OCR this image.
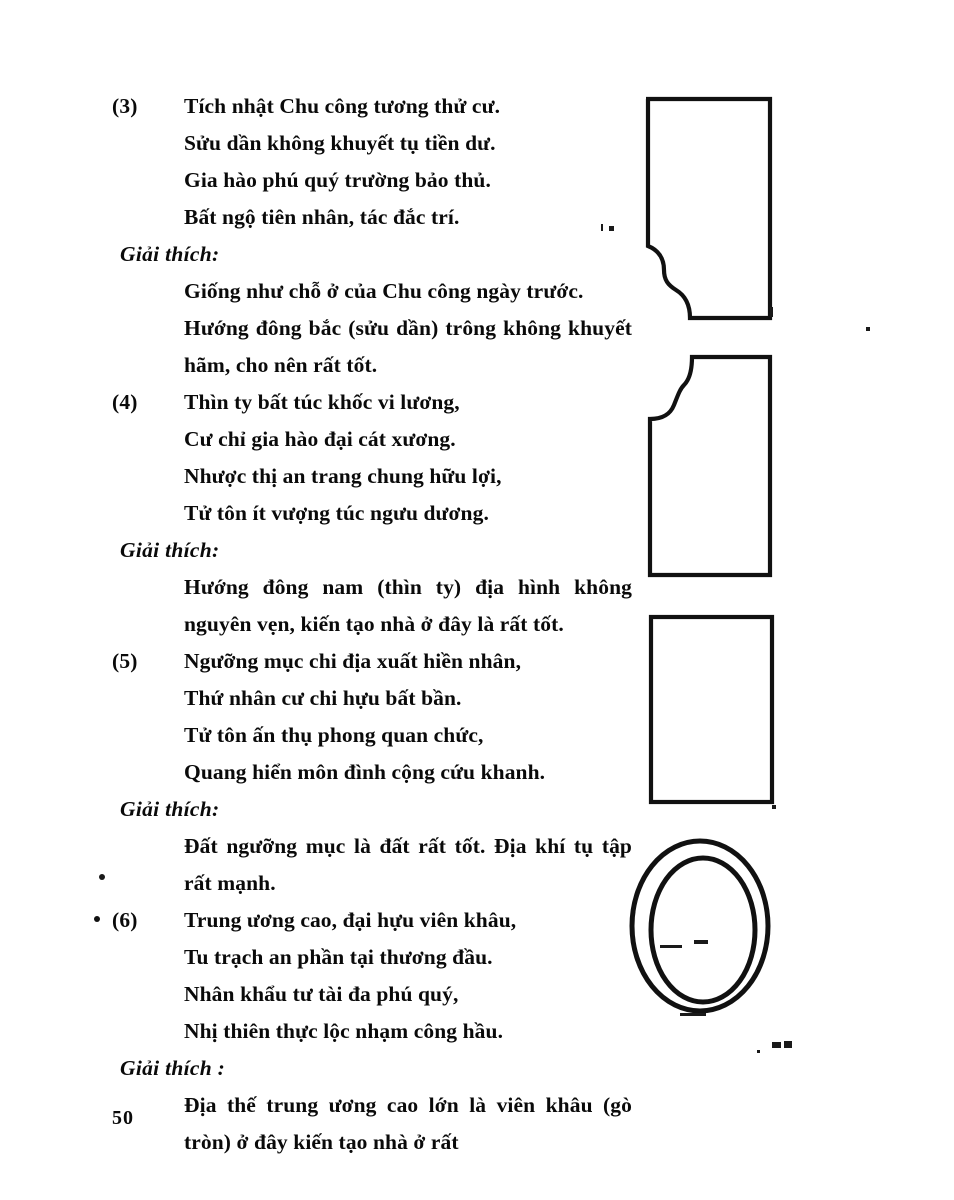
(3)	Tích nhật Chu công tương thử cư.
Sửu dần không khuyết tụ tiền dư.
Gia hào phú quý trường bảo thủ.
Bất ngộ tiên nhân, tác đắc trí.
Giải thích:
Giống như chỗ ở của Chu công ngày trước.
Hướng đông bắc (sửu dần) trông không khuyết hãm, cho nên rất tốt.
(4)	Thìn ty bất túc khốc vi lương,
Cư chỉ gia hào đại cát xương.
Nhược thị an trang chung hữu lợi,
Tử tôn ít vượng túc ngưu dương.
Giải thích:
Hướng đông nam (thìn ty) địa hình không nguyên vẹn, kiến tạo nhà ở đây là rất tốt.
(5)	Ngưỡng mục chi địa xuất hiền nhân,
Thứ nhân cư chi hựu bất bần.
Tử tôn ấn thụ phong quan chức,
Quang hiển môn đình cộng cứu khanh.
Giải thích:
Đất ngưỡng mục là đất rất tốt. Địa khí tụ tập rất mạnh.
(6)	Trung ương cao, đại hựu viên khâu,
Tu trạch an phần tại thương đầu.
Nhân khẩu tư tài đa phú quý,
Nhị thiên thực lộc nhạm công hầu.
Giải thích :
Địa thế trung ương cao lớn là viên khâu (gò tròn) ở đây kiến tạo nhà ở rất
50
